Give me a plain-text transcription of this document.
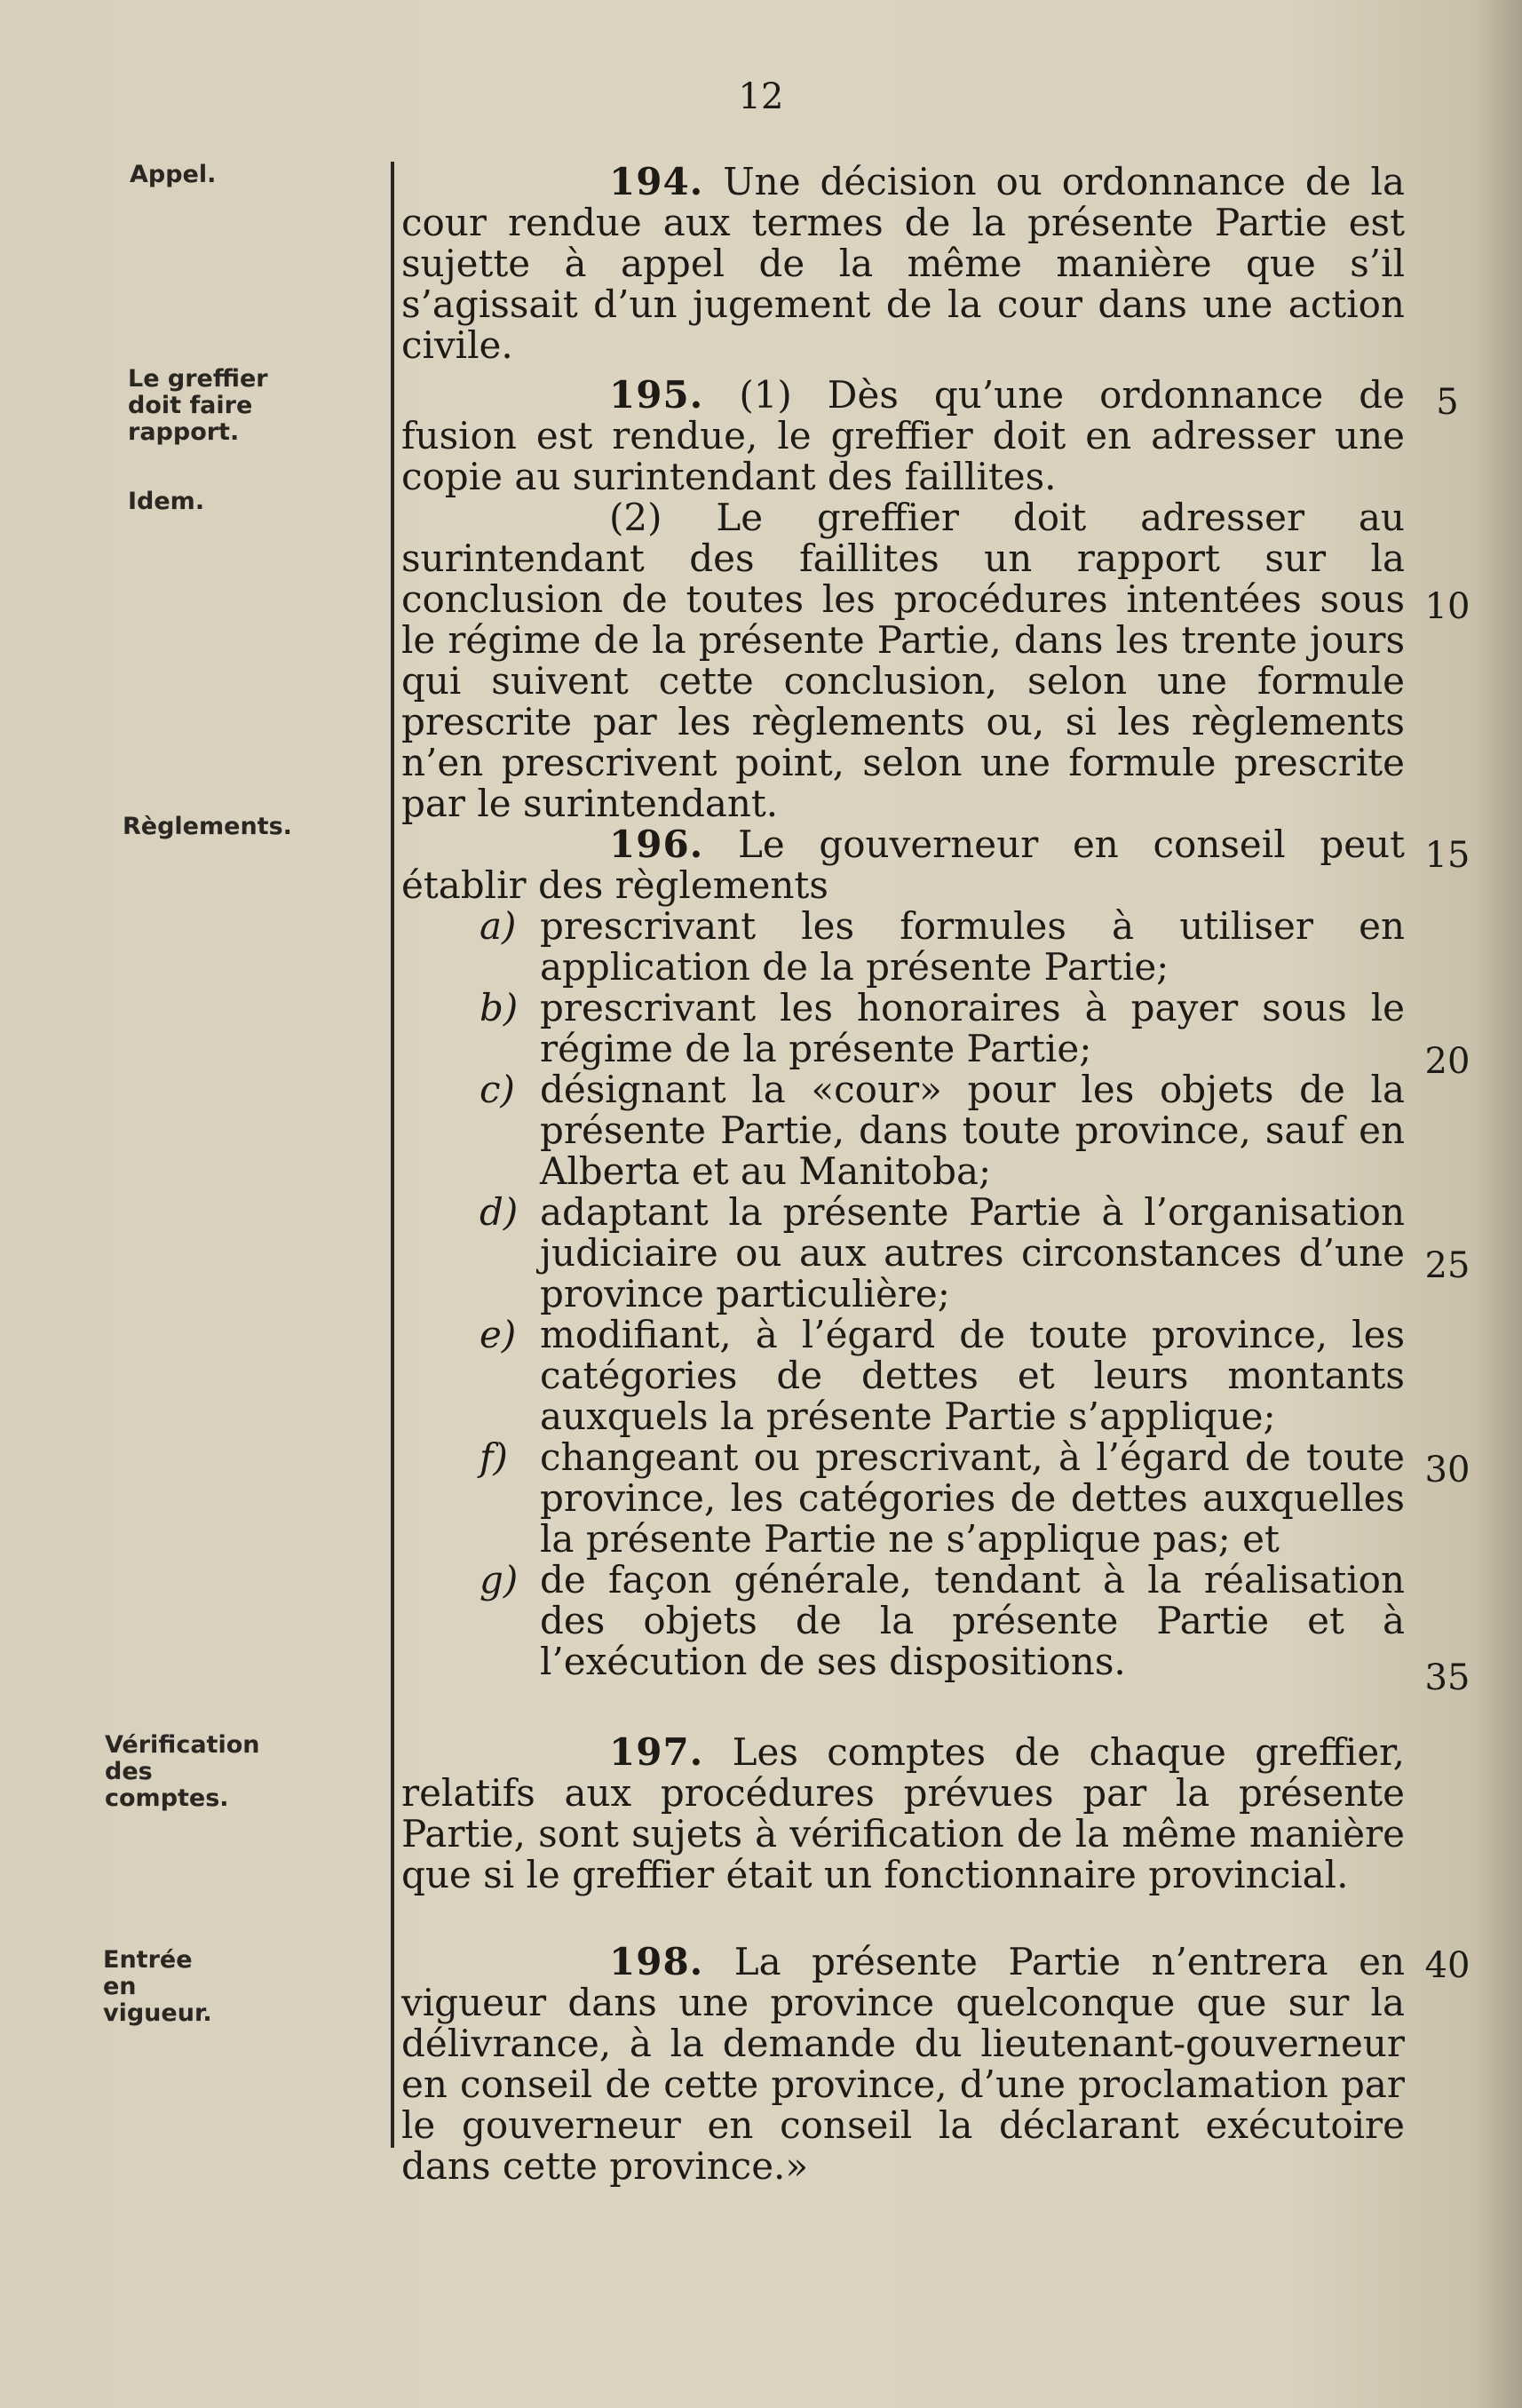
12
Appel.
Le greffier doit faire rapport.
Idem.
Règlements.
Vérification des comptes.
Entrée en vigueur.
194. Une décision ou ordonnance de la cour rendue aux termes de la présente Partie est sujette à appel de la même manière que s’il s’agissait d’un jugement de la cour dans une action civile.
195. (1) Dès qu’une ordonnance de fusion est rendue, le greffier doit en adresser une copie au surintendant des faillites.
(2) Le greffier doit adresser au surintendant des faillites un rapport sur la conclusion de toutes les procédures intentées sous le régime de la présente Partie, dans les trente jours qui suivent cette conclusion, selon une formule prescrite par les règlements ou, si les règlements n’en prescrivent point, selon une formule prescrite par le surintendant.
196. Le gouverneur en conseil peut établir des règlements
a) prescrivant les formules à utiliser en application de la présente Partie;
b) prescrivant les honoraires à payer sous le régime de la présente Partie;
c) désignant la «cour» pour les objets de la présente Partie, dans toute province, sauf en Alberta et au Manitoba;
d) adaptant la présente Partie à l’organisation judiciaire ou aux autres circonstances d’une province particulière;
e) modifiant, à l’égard de toute province, les catégories de dettes et leurs montants auxquels la présente Partie s’applique;
f) changeant ou prescrivant, à l’égard de toute province, les catégories de dettes auxquelles la présente Partie ne s’applique pas; et
g) de façon générale, tendant à la réalisation des objets de la présente Partie et à l’exécution de ses dispositions.
197. Les comptes de chaque greffier, relatifs aux procédures prévues par la présente Partie, sont sujets à vérification de la même manière que si le greffier était un fonctionnaire provincial.
198. La présente Partie n’entrera en vigueur dans une province quelconque que sur la délivrance, à la demande du lieutenant-gouverneur en conseil de cette province, d’une proclamation par le gouverneur en conseil la déclarant exécutoire dans cette province.»
5
10
15
20
25
30
35
40
